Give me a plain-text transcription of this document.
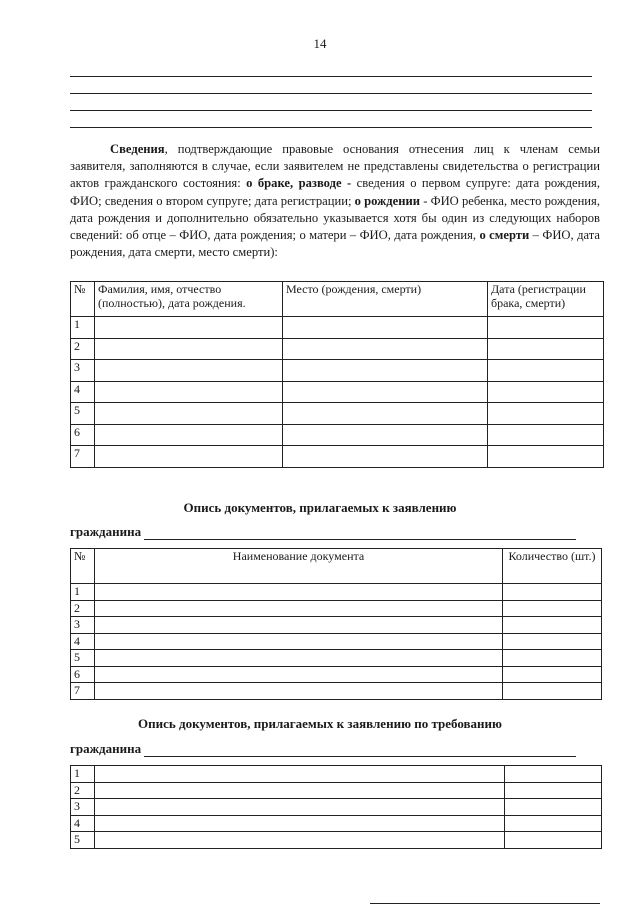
14
Сведения, подтверждающие правовые основания отнесения лиц к членам семьи заявителя, заполняются в случае, если заявителем не представлены свидетельства о регистрации актов гражданского состояния: о браке, разводе - сведения о первом супруге: дата рождения, ФИО; сведения о втором супруге; дата регистрации; о рождении - ФИО ребенка, место рождения, дата рождения и дополнительно обязательно указывается хотя бы один из следующих наборов сведений: об отце – ФИО, дата рождения; о матери – ФИО, дата рождения, о смерти – ФИО, дата рождения, дата смерти, место смерти):
№	Фамилия, имя, отчество (полностью), дата рождения.	Место (рождения, смерти)	Дата (регистрации брака, смерти)
1			
2			
3			
4			
5			
6			
7			
Опись документов, прилагаемых к заявлению
гражданина
№	Наименование документа	Количество (шт.)
1		
2		
3		
4		
5		
6		
7		
Опись документов, прилагаемых к заявлению по требованию
гражданина
1		
2		
3		
4		
5		
